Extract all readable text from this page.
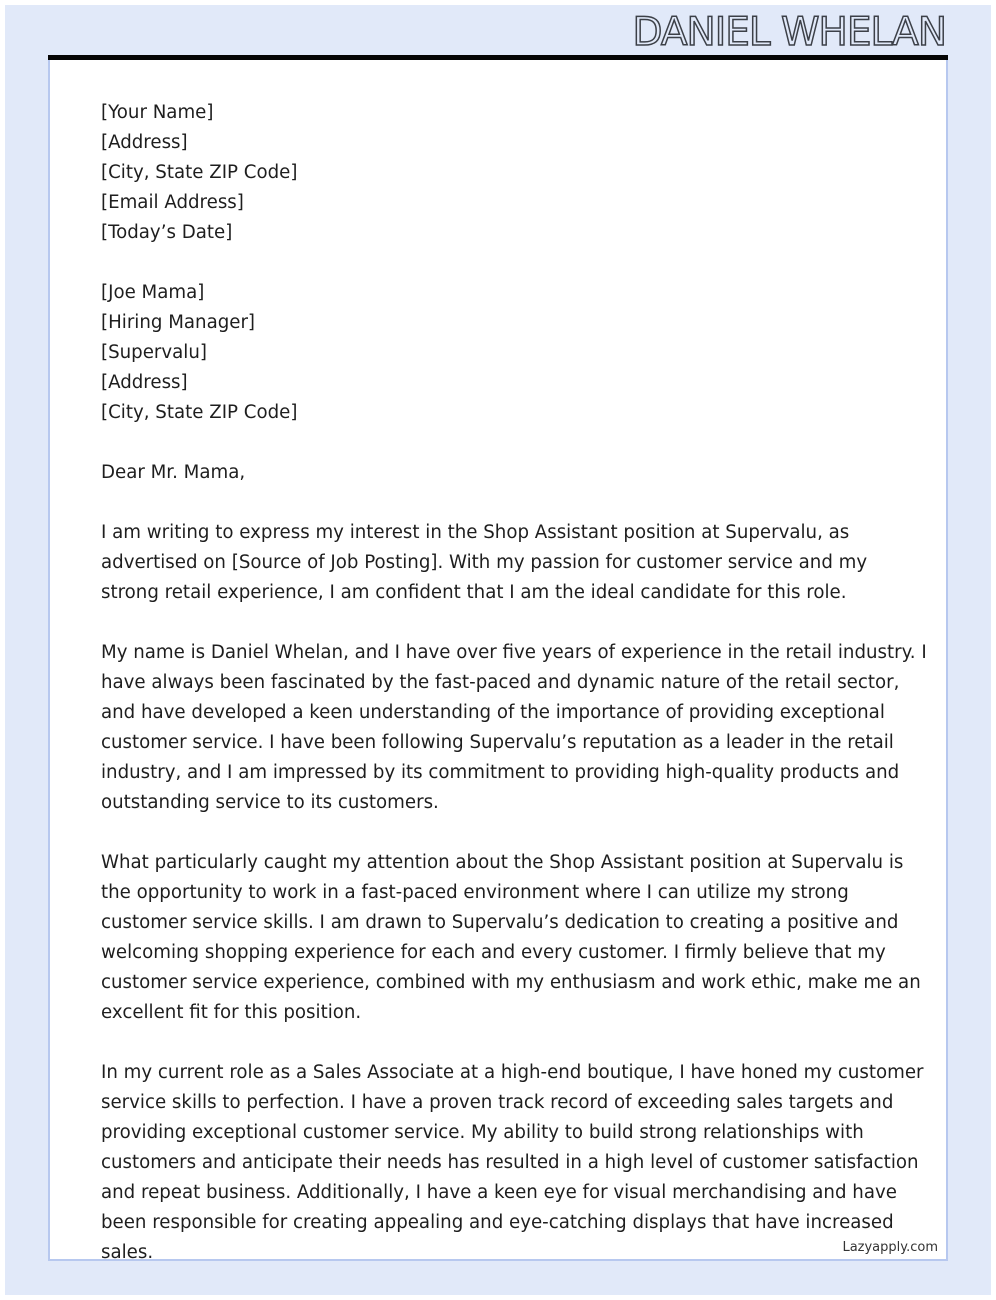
DANIEL WHELAN
[Your Name]
[Address]
[City, State ZIP Code]
[Email Address]
[Today’s Date]
[Joe Mama]
[Hiring Manager]
[Supervalu]
[Address]
[City, State ZIP Code]
Dear Mr. Mama,
I am writing to express my interest in the Shop Assistant position at Supervalu, as
advertised on [Source of Job Posting]. With my passion for customer service and my
strong retail experience, I am confident that I am the ideal candidate for this role.
My name is Daniel Whelan, and I have over five years of experience in the retail industry. I
have always been fascinated by the fast-paced and dynamic nature of the retail sector,
and have developed a keen understanding of the importance of providing exceptional
customer service. I have been following Supervalu’s reputation as a leader in the retail
industry, and I am impressed by its commitment to providing high-quality products and
outstanding service to its customers.
What particularly caught my attention about the Shop Assistant position at Supervalu is
the opportunity to work in a fast-paced environment where I can utilize my strong
customer service skills. I am drawn to Supervalu’s dedication to creating a positive and
welcoming shopping experience for each and every customer. I firmly believe that my
customer service experience, combined with my enthusiasm and work ethic, make me an
excellent fit for this position.
In my current role as a Sales Associate at a high-end boutique, I have honed my customer
service skills to perfection. I have a proven track record of exceeding sales targets and
providing exceptional customer service. My ability to build strong relationships with
customers and anticipate their needs has resulted in a high level of customer satisfaction
and repeat business. Additionally, I have a keen eye for visual merchandising and have
been responsible for creating appealing and eye-catching displays that have increased
sales.	Lazyapply.com
